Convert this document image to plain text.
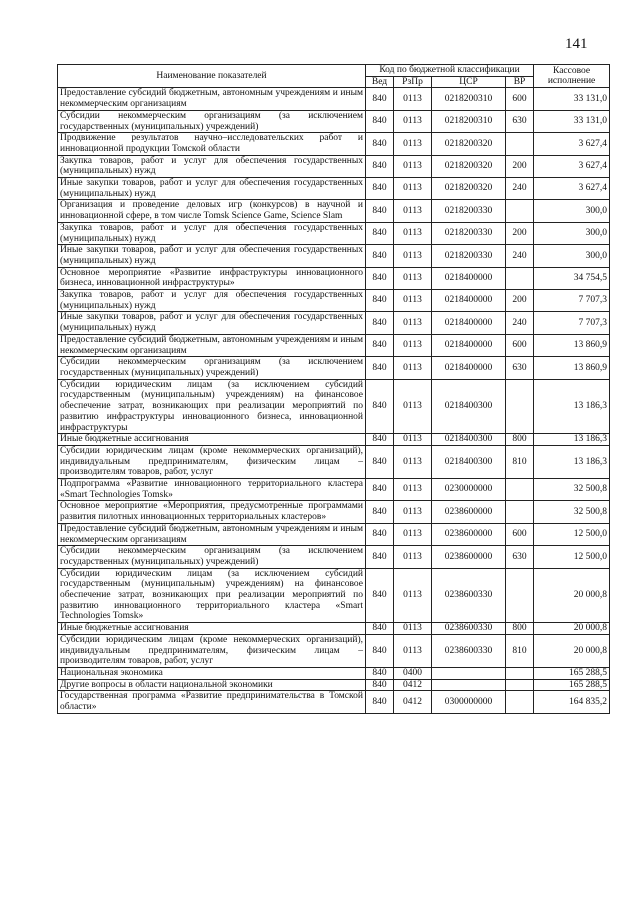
141
Наименование показателей	Код по бюджетной классификации				Кассовое исполнение
	Вед	РзПр	ЦСР	ВР	
Предоставление субсидий бюджетным, автономным учреждениям и иным некоммерческим организациям	840	0113	0218200310	600	33 131,0
Субсидии некоммерческим организациям (за исключением государственных (муниципальных) учреждений)	840	0113	0218200310	630	33 131,0
Продвижение результатов научно–исследовательских работ и инновационной продукции Томской области	840	0113	0218200320		3 627,4
Закупка товаров, работ и услуг для обеспечения государственных (муниципальных) нужд	840	0113	0218200320	200	3 627,4
Иные закупки товаров, работ и услуг для обеспечения государственных (муниципальных) нужд	840	0113	0218200320	240	3 627,4
Организация и проведение деловых игр (конкурсов) в научной и инновационной сфере, в том числе Tomsk Science Game, Science Slam	840	0113	0218200330		300,0
Закупка товаров, работ и услуг для обеспечения государственных (муниципальных) нужд	840	0113	0218200330	200	300,0
Иные закупки товаров, работ и услуг для обеспечения государственных (муниципальных) нужд	840	0113	0218200330	240	300,0
Основное мероприятие «Развитие инфраструктуры инновационного бизнеса, инновационной инфраструктуры»	840	0113	0218400000		34 754,5
Закупка товаров, работ и услуг для обеспечения государственных (муниципальных) нужд	840	0113	0218400000	200	7 707,3
Иные закупки товаров, работ и услуг для обеспечения государственных (муниципальных) нужд	840	0113	0218400000	240	7 707,3
Предоставление субсидий бюджетным, автономным учреждениям и иным некоммерческим организациям	840	0113	0218400000	600	13 860,9
Субсидии некоммерческим организациям (за исключением государственных (муниципальных) учреждений)	840	0113	0218400000	630	13 860,9
Субсидии юридическим лицам (за исключением субсидий государственным (муниципальным) учреждениям) на финансовое обеспечение затрат, возникающих при реализации мероприятий по развитию инфраструктуры инновационного бизнеса, инновационной инфраструктуры	840	0113	0218400300		13 186,3
Иные бюджетные ассигнования	840	0113	0218400300	800	13 186,3
Субсидии юридическим лицам (кроме некоммерческих организаций), индивидуальным предпринимателям, физическим лицам – производителям товаров, работ, услуг	840	0113	0218400300	810	13 186,3
Подпрограмма «Развитие инновационного территориального кластера «Smart Technologies Tomsk»	840	0113	0230000000		32 500,8
Основное мероприятие «Мероприятия, предусмотренные программами развития пилотных инновационных территориальных кластеров»	840	0113	0238600000		32 500,8
Предоставление субсидий бюджетным, автономным учреждениям и иным некоммерческим организациям	840	0113	0238600000	600	12 500,0
Субсидии некоммерческим организациям (за исключением государственных (муниципальных) учреждений)	840	0113	0238600000	630	12 500,0
Субсидии юридическим лицам (за исключением субсидий государственным (муниципальным) учреждениям) на финансовое обеспечение затрат, возникающих при реализации мероприятий по развитию инновационного территориального кластера «Smart Technologies Tomsk»	840	0113	0238600330		20 000,8
Иные бюджетные ассигнования	840	0113	0238600330	800	20 000,8
Субсидии юридическим лицам (кроме некоммерческих организаций), индивидуальным предпринимателям, физическим лицам – производителям товаров, работ, услуг	840	0113	0238600330	810	20 000,8
Национальная экономика	840	0400			165 288,5
Другие вопросы в области национальной экономики	840	0412			165 288,5
Государственная программа «Развитие предпринимательства в Томской области»	840	0412	0300000000		164 835,2
